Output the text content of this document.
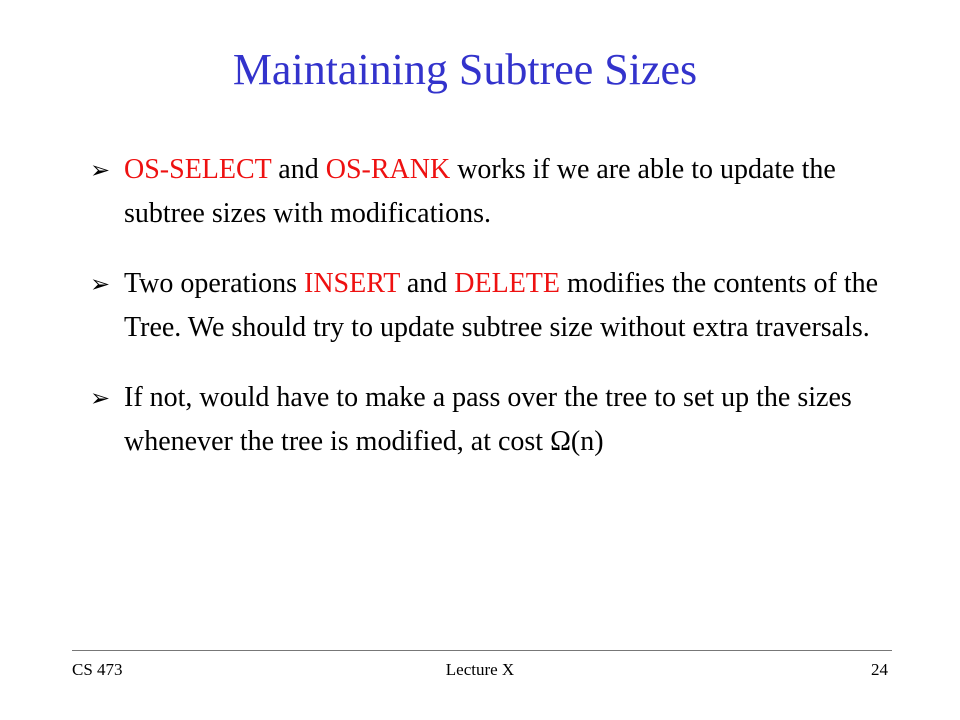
Maintaining Subtree Sizes
➢ OS-SELECT and OS-RANK works if we are able to update the subtree sizes with modifications.
➢ Two operations INSERT and DELETE modifies the contents of the Tree. We should try to update subtree size without extra traversals.
➢ If not, would have to make a pass over the tree to set up the sizes whenever the tree is modified, at cost Ω(n)
CS 473	Lecture X	24
